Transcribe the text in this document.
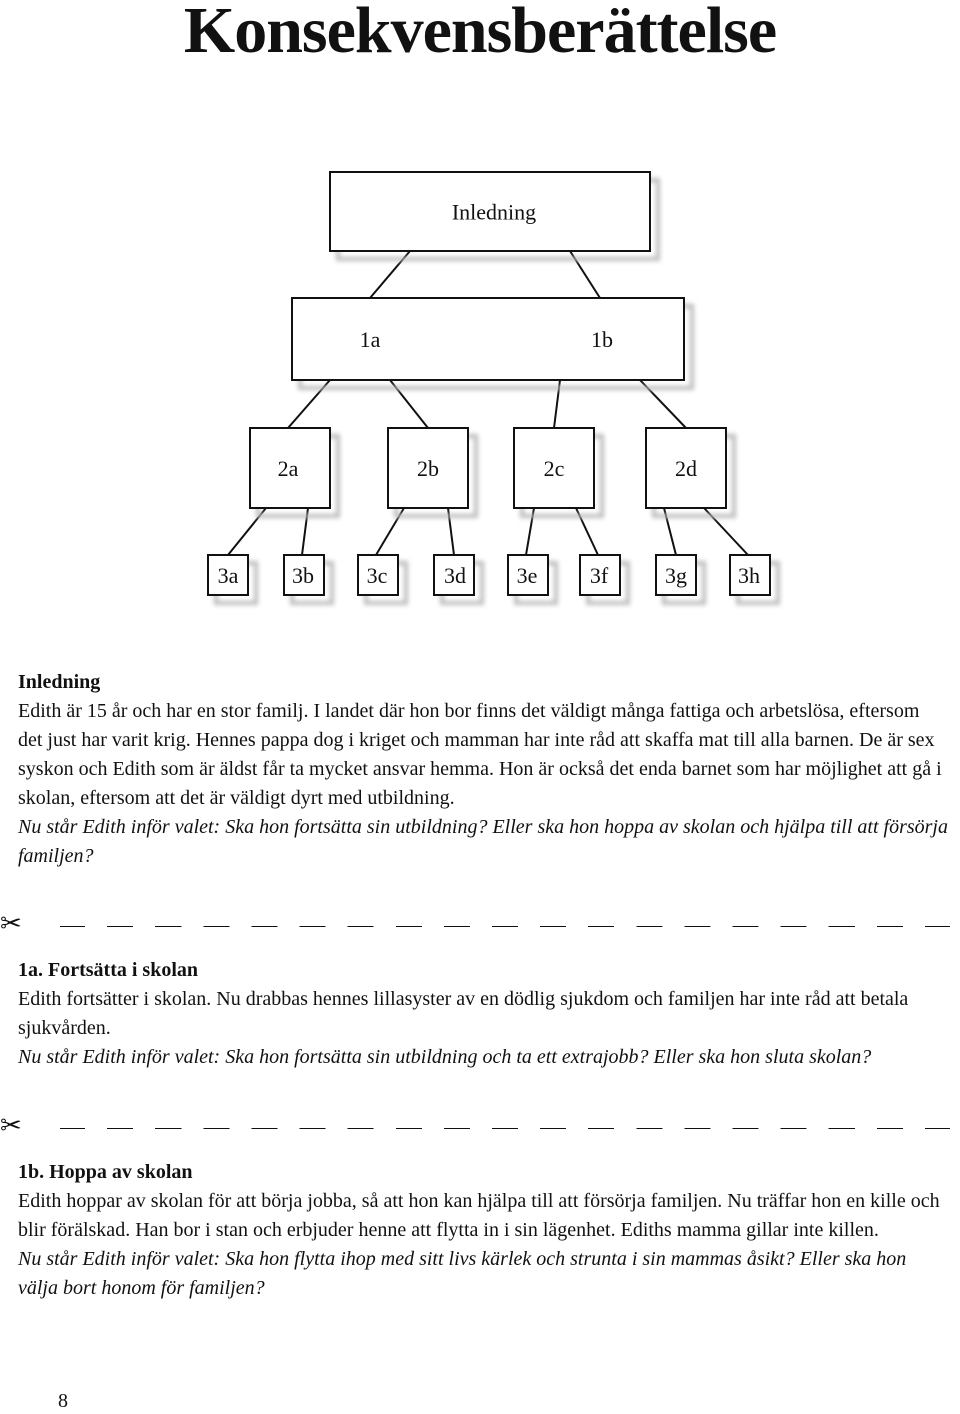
Konsekvensberättelse
Inledning
1a	1b
2a	2b	2c	2d
3a 3b 3c	3d 3e 3f	3g 3h
Inledning

Edith är 15 år och har en stor familj. I landet där hon bor finns det väldigt många fattiga och arbetslösa, eftersom det just har varit krig. Hennes pappa dog i kriget och mamman har inte råd att skaffa mat till alla barnen. De är sex syskon och Edith som är äldst får ta mycket ansvar hemma. Hon är också det enda barnet som har möjlighet att gå i skolan, eftersom att det är väldigt dyrt med utbildning.

Nu står Edith inför valet: Ska hon fortsätta sin utbildning? Eller ska hon hoppa av skolan och hjälpa till att försörja familjen?

✂
1a. Fortsätta i skolan

Edith fortsätter i skolan. Nu drabbas hennes lillasyster av en dödlig sjukdom och familjen har inte råd att betala sjukvården.

Nu står Edith inför valet: Ska hon fortsätta sin utbildning och ta ett extrajobb? Eller ska hon sluta skolan?

✂
1b. Hoppa av skolan

Edith hoppar av skolan för att börja jobba, så att hon kan hjälpa till att försörja familjen. Nu träffar hon en kille och blir förälskad. Han bor i stan och erbjuder henne att flytta in i sin lägenhet. Ediths mamma gillar inte killen.

Nu står Edith inför valet: Ska hon flytta ihop med sitt livs kärlek och strunta i sin mammas åsikt? Eller ska hon välja bort honom för familjen?

8
